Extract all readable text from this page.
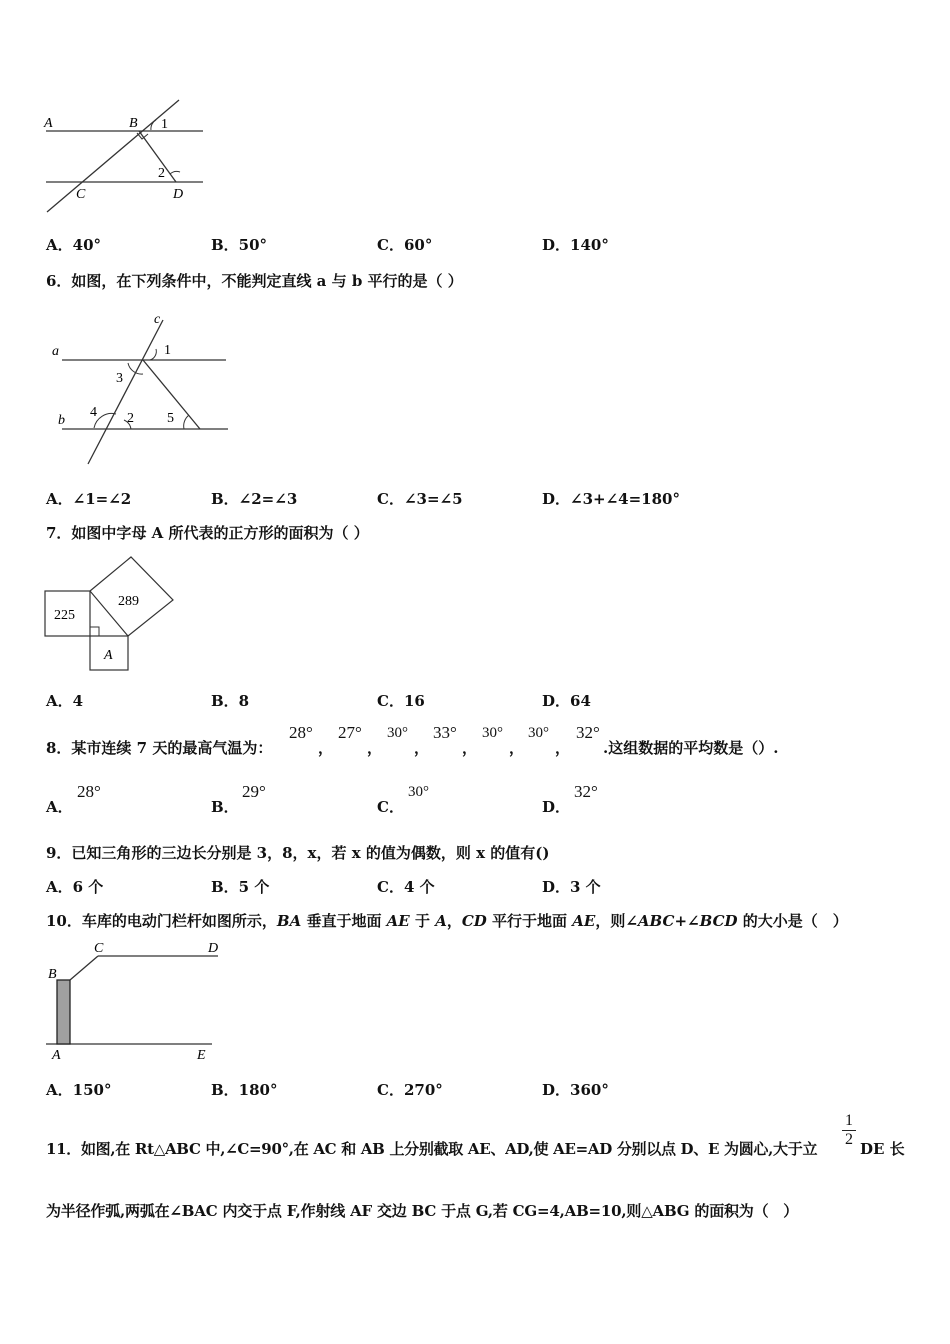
A	B 1
2
C	D
A．40°	B．50°	C．60°	D．140°
6．如图，在下列条件中，不能判定直线 a 与 b 平行的是（ ）
c
a	1
3
4 2 5
b
A．∠1=∠2	B．∠2=∠3	C．∠3=∠5	D．∠3+∠4=180°
7．如图中字母 A 所代表的正方形的面积为（ ）
225
289
A
A．4	B．8	C．16	D．64
8．某市连续 7 天的最高气温为：
28°
，
27°
，
30°
，
33°
，
30°
，
30°
，
32°
.这组数据的平均数是（）.
A．
28°
B．
29°
C．
30°
D．
32°
9．已知三角形的三边长分别是 3，8，x，若 x 的值为偶数，则 x 的值有()
A．6 个	B．5 个	C．4 个	D．3 个
10．车库的电动门栏杆如图所示，BA 垂直于地面 AE 于 A，CD 平行于地面 AE，则∠ABC+∠BCD 的大小是（　）
B
C	D
A	E
A．150°	B．180°	C．270°	D．360°
11．如图,在 Rt△ABC 中,∠C=90°,在 AC 和 AB 上分别截取 AE、AD,使 AE=AD 分别以点 D、E 为圆心,大于立 $\frac{1}{2}$ DE 长
为半径作弧,两弧在∠BAC 内交于点 F,作射线 AF 交边 BC 于点 G,若 CG=4,AB=10,则△ABG 的面积为（　）
